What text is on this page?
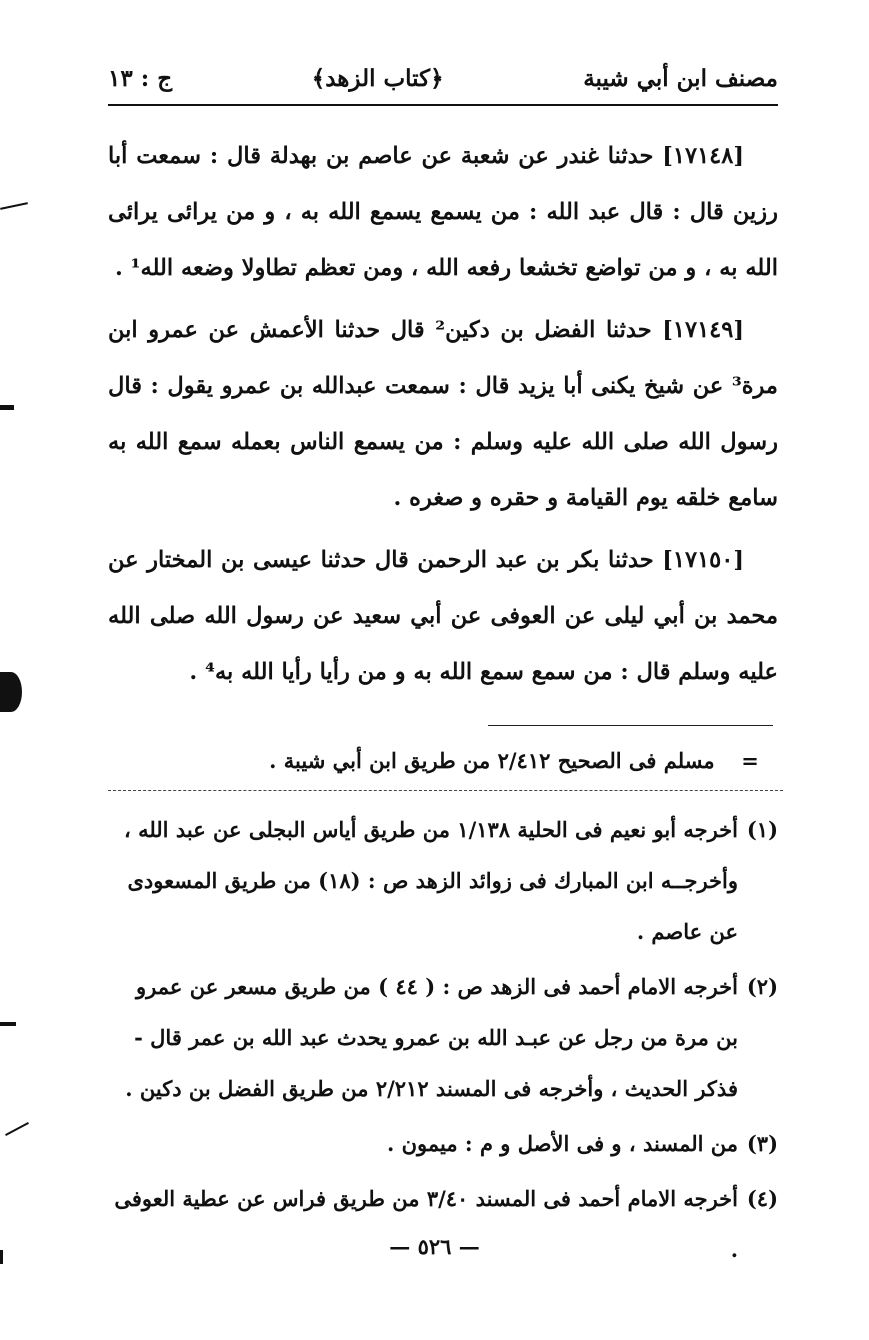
مصنف ابن أبي شيبة
﴿كتاب الزهد﴾
ج : ١٣

[١٧١٤٨] حدثنا غندر عن شعبة عن عاصم بن بهدلة قال : سمعت أبا رزين قال : قال عبد الله : من يسمع يسمع الله به ، و من يرائى يرائى الله به ، و من تواضع تخشعا رفعه الله ، ومن تعظم تطاولا وضعه الله¹ .

[١٧١٤٩] حدثنا الفضل بن دكين² قال حدثنا الأعمش عن عمرو ابن مرة³ عن شيخ يكنى أبا يزيد قال : سمعت عبدالله بن عمرو يقول : قال رسول الله صلى الله عليه وسلم : من يسمع الناس بعمله سمع الله به سامع خلقه يوم القيامة و حقره و صغره .

[١٧١٥٠] حدثنا بكر بن عبد الرحمن قال حدثنا عيسى بن المختار عن محمد بن أبي ليلى عن العوفى عن أبي سعيد عن رسول الله صلى الله عليه وسلم قال : من سمع سمع الله به و من رأيا رأيا الله به⁴ .

= مسلم فى الصحيح ٢/٤١٢ من طريق ابن أبي شيبة .
(١)
أخرجه أبو نعيم فى الحلية ١/١٣٨ من طريق أياس البجلى عن عبد الله ، وأخرجــه ابن المبارك فى زوائد الزهد ص : (١٨) من طريق المسعودى عن عاصم .
(٢)
أخرجه الامام أحمد فى الزهد ص : ( ٤٤ ) من طريق مسعر عن عمرو بن مرة من رجل عن عبـد الله بن عمرو يحدث عبد الله بن عمر قال - فذكر الحديث ، وأخرجه فى المسند ٢/٢١٢ من طريق الفضل بن دكين .
(٣)
من المسند ، و فى الأصل و م : ميمون .
(٤)
أخرجه الامام أحمد فى المسند ٣/٤٠ من طريق فراس عن عطية العوفى .
— ٥٢٦ —
